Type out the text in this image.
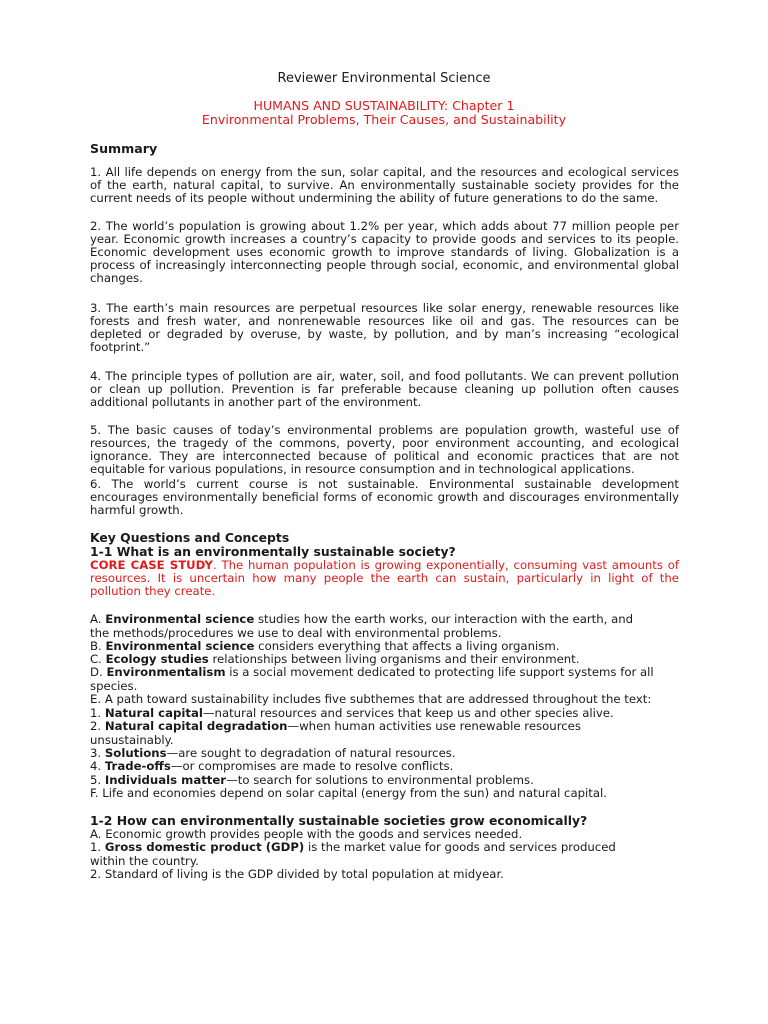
Reviewer Environmental Science
HUMANS AND SUSTAINABILITY: Chapter 1
Environmental Problems, Their Causes, and Sustainability
Summary

1. All life depends on energy from the sun, solar capital, and the resources and ecological services of the earth, natural capital, to survive. An environmentally sustainable society provides for the current needs of its people without undermining the ability of future generations to do the same.

2. The world’s population is growing about 1.2% per year, which adds about 77 million people per year. Economic growth increases a country’s capacity to provide goods and services to its people. Economic development uses economic growth to improve standards of living. Globalization is a process of increasingly interconnecting people through social, economic, and environmental global changes.

3. The earth’s main resources are perpetual resources like solar energy, renewable resources like forests and fresh water, and nonrenewable resources like oil and gas. The resources can be depleted or degraded by overuse, by waste, by pollution, and by man’s increasing “ecological footprint.”

4. The principle types of pollution are air, water, soil, and food pollutants. We can prevent pollution or clean up pollution. Prevention is far preferable because cleaning up pollution often causes additional pollutants in another part of the environment.

5. The basic causes of today’s environmental problems are population growth, wasteful use of resources, the tragedy of the commons, poverty, poor environment accounting, and ecological ignorance. They are interconnected because of political and economic practices that are not equitable for various populations, in resource consumption and in technological applications.

6. The world’s current course is not sustainable. Environmental sustainable development encourages environmentally beneficial forms of economic growth and discourages environmentally harmful growth.

Key Questions and Concepts
1-1 What is an environmentally sustainable society?

CORE CASE STUDY. The human population is growing exponentially, consuming vast amounts of resources. It is uncertain how many people the earth can sustain, particularly in light of the pollution they create.

A. Environmental science studies how the earth works, our interaction with the earth, and
the methods/procedures we use to deal with environmental problems.
B. Environmental science considers everything that affects a living organism.
C. Ecology studies relationships between living organisms and their environment.
D. Environmentalism is a social movement dedicated to protecting life support systems for all
species.
E. A path toward sustainability includes five subthemes that are addressed throughout the text:
1. Natural capital—natural resources and services that keep us and other species alive.
2. Natural capital degradation—when human activities use renewable resources
unsustainably.
3. Solutions—are sought to degradation of natural resources.
4. Trade-offs—or compromises are made to resolve conflicts.
5. Individuals matter—to search for solutions to environmental problems.
F. Life and economies depend on solar capital (energy from the sun) and natural capital.
1-2 How can environmentally sustainable societies grow economically?
A. Economic growth provides people with the goods and services needed.
1. Gross domestic product (GDP) is the market value for goods and services produced
within the country.
2. Standard of living is the GDP divided by total population at midyear.
